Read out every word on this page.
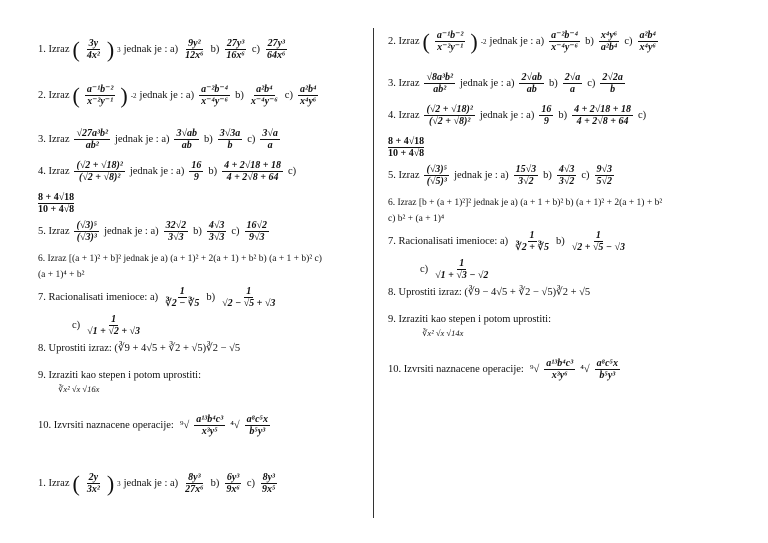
1. Izraz ( $\frac{3y}{\text{4x²}}$ ) 3 jednak je : $a) \frac{\text{9y²}}{\text{12x⁶}} b) \frac{\text{27y³}}{\text{16x⁶}} c) \frac{\text{27y³}}{\text{64x⁶}}$
2. Izraz ( $\frac{\text{a⁻¹b⁻²}}{\text{x⁻²y⁻¹}}$ ) -2 jednak je : $a) \frac{\text{a⁻²b⁻⁴}}{\text{x⁻⁴y⁻⁶}} b) \frac{\text{a²b⁴}}{\text{x⁻⁴y⁻⁶}} c) \frac{\text{a²b⁴}}{\text{x⁴y⁶}}$
3. Izraz $\frac{\text{√27a³b²}}{\text{ab²}}$ jednak je : $a) \frac{3√ab}{ab} b) \frac{3√3a}{b} c) \frac{3√a}{a}$
4. Izraz $\frac{\text{(√2 + √18)²}}{\text{(√2 + √8)²}}$ jednak je : $a) \frac{16}{9} b) \frac{4 + 2√18 + 18}{4 + 2√8 + 64} c$)
8 + 4√18
10 + 4√8
5. Izraz $\frac{\text{(√3)⁵}}{\text{(√3)³}}$ jednak je : $a) \frac{32√2}{3√3} b) \frac{4√3}{3√3} c) \frac{16√2}{9√3}$
6. Izraz [(a + 1)² + b]² jednak je a) (a + 1)² + 2(a + 1) + b² b) (a + 1 + b)² c)
(a + 1)⁴ + b²
7. Racionalisati imenioce: $a) \frac{1}{∛2 - ∛5} b) \frac{1}{√2 - √5 + √3}$
$c) \frac{1}{√1 + √2 + √3}$
8. Uprostiti izraz: (∛9 + 4√5 + ∛2 + √5)∛2 − √5
9. Izraziti kao stepen i potom uprostiti:
∛x² √x √16x
10. Izvrsiti naznacene operacije: $^9√ \frac{\text{a¹³b⁴c³}}{\text{x³y⁵}} ^4√ \frac{\text{a⁸c⁵x}}{\text{b⁵y³}}$
1. Izraz ( $\frac{2y}{\text{3x²}}$ ) 3 jednak je : $a) \frac{\text{8y³}}{\text{27x⁶}} b) \frac{\text{6y³}}{\text{9x⁶}} c) \frac{\text{8y³}}{\text{9x⁵}}$
2. Izraz ( $\frac{\text{a⁻¹b⁻²}}{\text{x⁻²y⁻¹}}$ ) -2 jednak je : $a) \frac{\text{a⁻²b⁻⁴}}{\text{x⁻⁴y⁻⁶}} b) \frac{\text{x⁴y⁶}}{\text{a²b⁴}} c) \frac{\text{a²b⁴}}{\text{x⁴y⁶}}$
3. Izraz $\frac{\text{√8a³b²}}{\text{ab²}}$ jednak je : $a) \frac{2√ab}{ab} b) \frac{2√a}{a} c) \frac{2√2a}{b}$
4. Izraz $\frac{\text{(√2 + √18)²}}{\text{(√2 + √8)²}}$ jednak je : $a) \frac{16}{9} b) \frac{4 + 2√18 + 18}{4 + 2√8 + 64} c$)
8 + 4√18
10 + 4√8
5. Izraz $\frac{\text{(√3)⁵}}{\text{(√5)³}}$ jednak je : $a) \frac{15√3}{3√2} b) \frac{4√3}{3√2} c) \frac{9√3}{5√2}$
6. Izraz [b + (a + 1)²]² jednak je a) (a + 1 + b)² b) (a + 1)² + 2(a + 1) + b²
c) b² + (a + 1)⁴
7. Racionalisati imenioce: $a) \frac{1}{∛2 + ∛5} b) \frac{1}{√2 + √5 - √3}$
$c) \frac{1}{√1 + √3 - √2}$
8. Uprostiti izraz: (∛9 − 4√5 + ∛2 − √5)∛2 + √5
9. Izraziti kao stepen i potom uprostiti:
∛x² √x √14x
10. Izvrsiti naznacene operacije: $^9√ \frac{\text{a¹³b⁴c³}}{\text{x³y⁶}} ^4√ \frac{\text{a⁸c⁵x}}{\text{b⁵y³}}$
